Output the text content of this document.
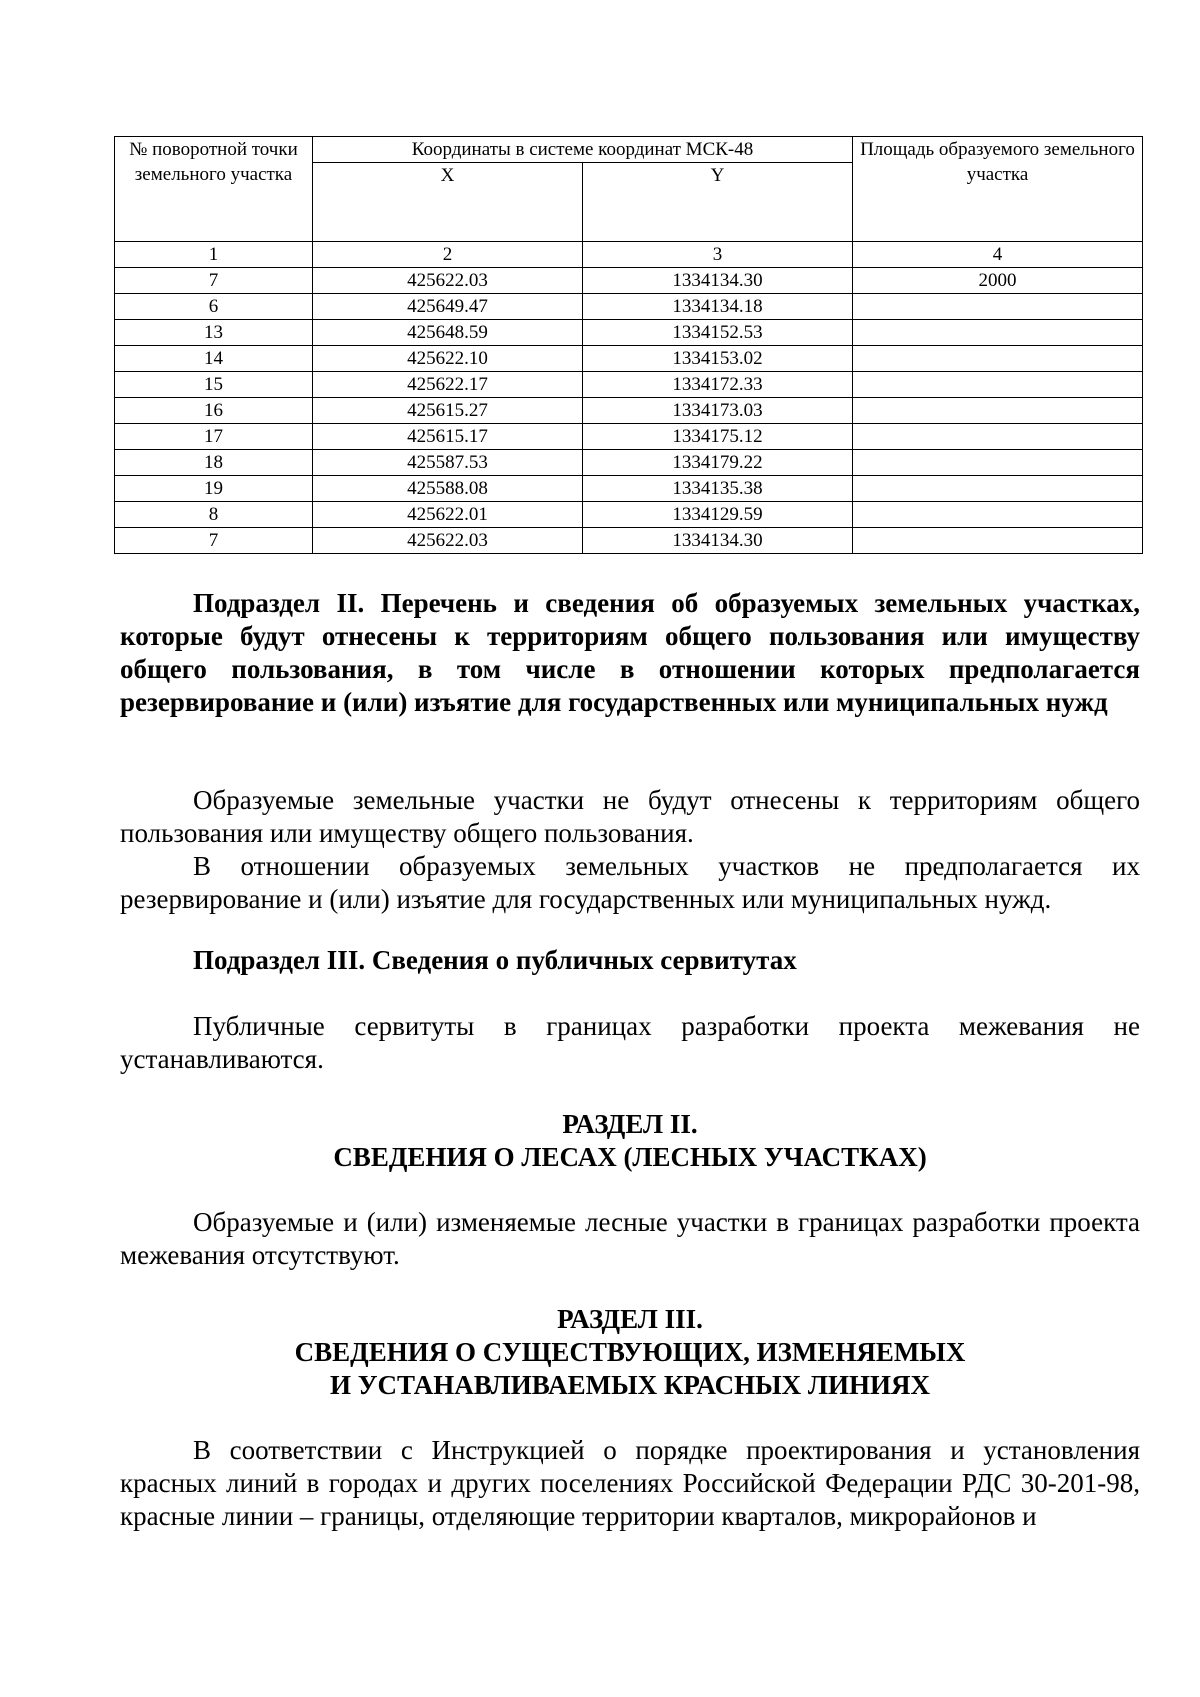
№ поворотной точки земельного участка	Координаты в системе координат МСК-48		Площадь образуемого земельного участка
	X	Y	
1	2	3	4
7	425622.03	1334134.30	2000
6	425649.47	1334134.18	
13	425648.59	1334152.53	
14	425622.10	1334153.02	
15	425622.17	1334172.33	
16	425615.27	1334173.03	
17	425615.17	1334175.12	
18	425587.53	1334179.22	
19	425588.08	1334135.38	
8	425622.01	1334129.59	
7	425622.03	1334134.30	

Подраздел II. Перечень и сведения об образуемых земельных участках, которые будут отнесены к территориям общего пользования или имуществу общего пользования, в том числе в отношении которых предполагается резервирование и (или) изъятие для государственных или муниципальных нужд

Образуемые земельные участки не будут отнесены к территориям общего пользования или имуществу общего пользования.

В отношении образуемых земельных участков не предполагается их резервирование и (или) изъятие для государственных или муниципальных нужд.

Подраздел III. Сведения о публичных сервитутах

Публичные сервитуты в границах разработки проекта межевания не устанавливаются.

РАЗДЕЛ II.

СВЕДЕНИЯ О ЛЕСАХ (ЛЕСНЫХ УЧАСТКАХ)

Образуемые и (или) изменяемые лесные участки в границах разработки проекта межевания отсутствуют.

РАЗДЕЛ III.

СВЕДЕНИЯ О СУЩЕСТВУЮЩИХ, ИЗМЕНЯЕМЫХ

И УСТАНАВЛИВАЕМЫХ КРАСНЫХ ЛИНИЯХ

В соответствии с Инструкцией о порядке проектирования и установления красных линий в городах и других поселениях Российской Федерации РДС 30-201-98, красные линии – границы, отделяющие территории кварталов, микрорайонов и
